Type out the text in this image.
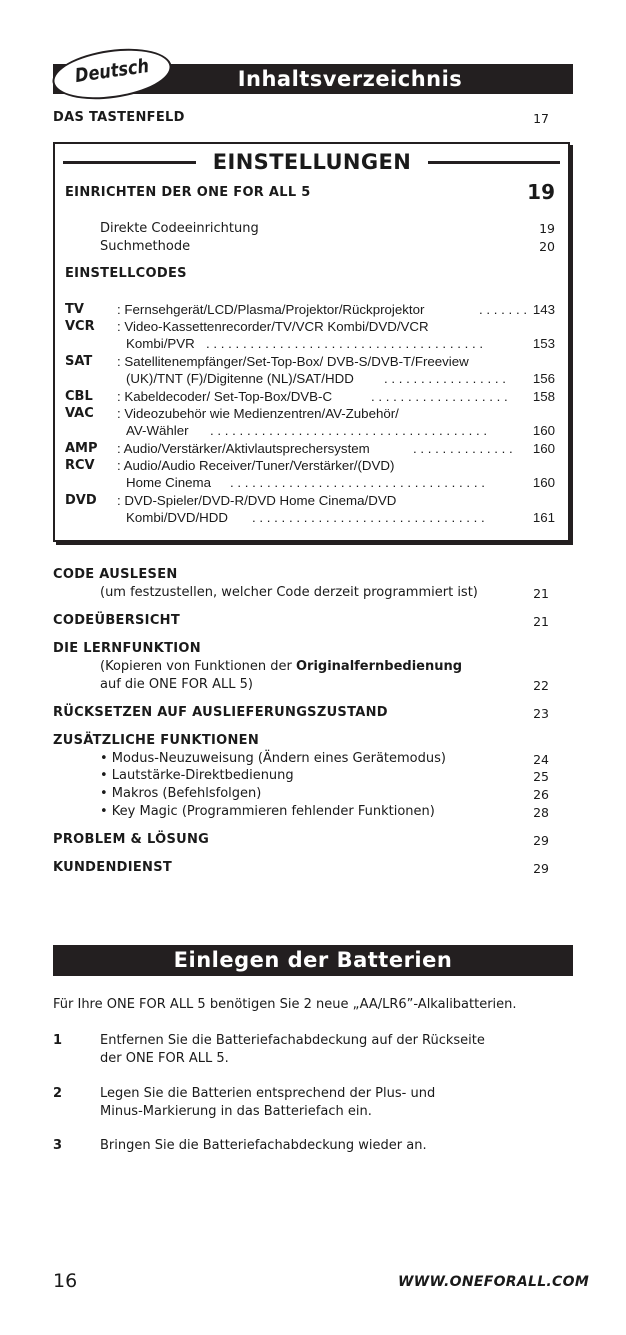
Inhaltsverzeichnis
Deutsch
DAS TASTENFELD	17
EINSTELLUNGEN
EINRICHTEN DER ONE FOR ALL 5	19
Direkte Codeeinrichtung	19
Suchmethode	20
EINSTELLCODES
TV : Fernsehgerät/LCD/Plasma/Projektor/Rückprojektor	. . . . . . . 143
VCR : Video-Kassettenrecorder/TV/VCR Kombi/DVD/VCR
Kombi/PVR . . . . . . . . . . . . . . . . . . . . . . . . . . . . . . . . . . . . . .	153
SAT : Satellitenempfänger/Set-Top-Box/ DVB-S/DVB-T/Freeview
(UK)/TNT (F)/Digitenne (NL)/SAT/HDD . . . . . . . . . . . . . . . . . 156
CBL : Kabeldecoder/ Set-Top-Box/DVB-C	. . . . . . . . . . . . . . . . . . . 158
VAC : Videozubehör wie Medienzentren/AV-Zubehör/
AV-Wähler . . . . . . . . . . . . . . . . . . . . . . . . . . . . . . . . . . . . . .	160
AMP : Audio/Verstärker/Aktivlautsprechersystem	. . . . . . . . . . . . . . 160
RCV : Audio/Audio Receiver/Tuner/Verstärker/(DVD)
Home Cinema . . . . . . . . . . . . . . . . . . . . . . . . . . . . . . . . . . .	160
DVD : DVD-Spieler/DVD-R/DVD Home Cinema/DVD
Kombi/DVD/HDD . . . . . . . . . . . . . . . . . . . . . . . . . . . . . . . .	161
CODE AUSLESEN
(um festzustellen, welcher Code derzeit programmiert ist)	21
CODEÜBERSICHT	21
DIE LERNFUNKTION
(Kopieren von Funktionen der Originalfernbedienung
auf die ONE FOR ALL 5)	22
RÜCKSETZEN AUF AUSLIEFERUNGSZUSTAND	23
ZUSÄTZLICHE FUNKTIONEN
• Modus-Neuzuweisung (Ändern eines Gerätemodus)	24
• Lautstärke-Direktbedienung	25
• Makros (Befehlsfolgen)	26
• Key Magic (Programmieren fehlender Funktionen)	28
PROBLEM & LÖSUNG	29
KUNDENDIENST	29
Einlegen der Batterien
Für Ihre ONE FOR ALL 5 benötigen Sie 2 neue „AA/LR6”-Alkalibatterien.
1	Entfernen Sie die Batteriefachabdeckung auf der Rückseite
der ONE FOR ALL 5.
2	Legen Sie die Batterien entsprechend der Plus- und
Minus-Markierung in das Batteriefach ein.
3	Bringen Sie die Batteriefachabdeckung wieder an.
16	WWW.ONEFORALL.COM
